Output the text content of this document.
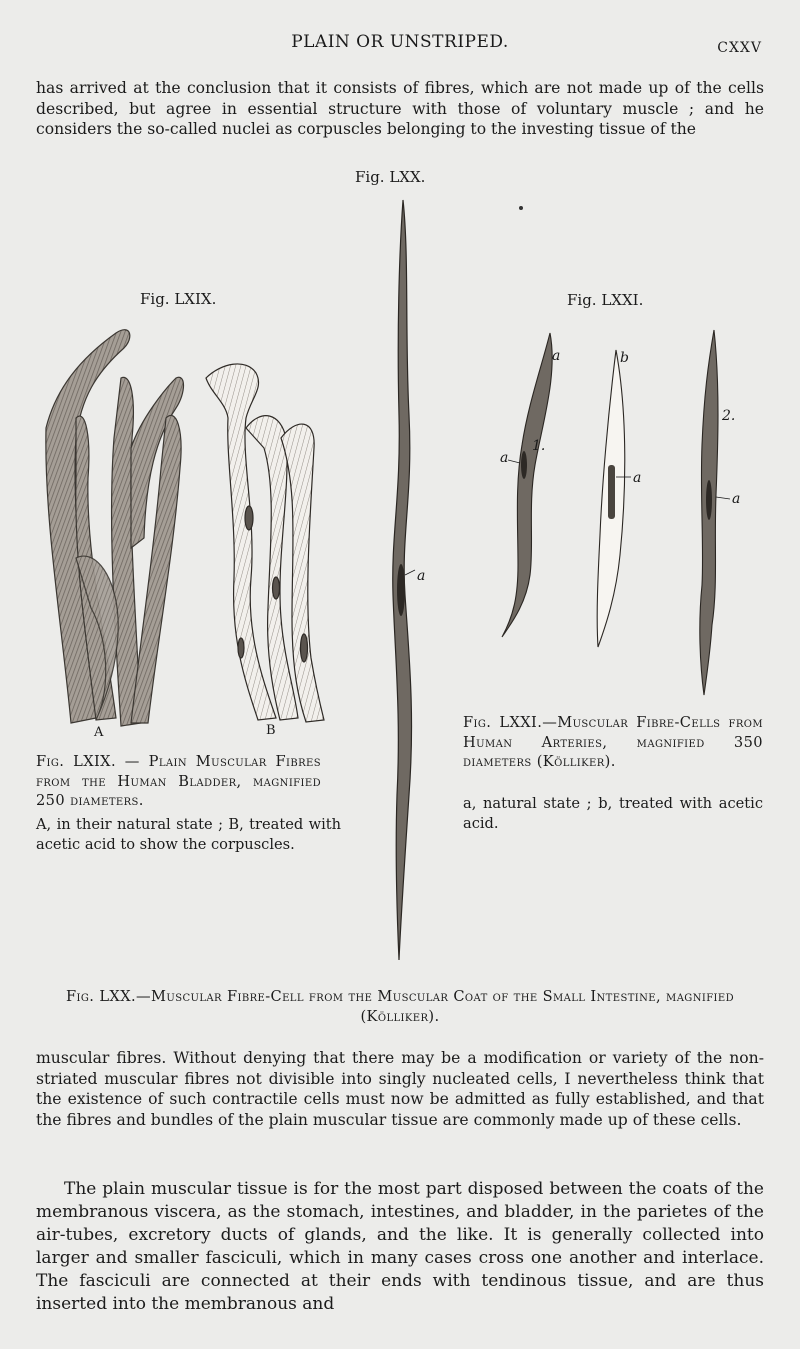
PLAIN OR UNSTRIPED.	CXXV

has arrived at the conclusion that it consists of fibres, which are not made up of the cells described, but agree in essential structure with those of voluntary muscle ; and he considers the so-called nuclei as corpuscles belonging to the investing tissue of the

Fig. LXX.
Fig. LXIX.	Fig. LXXI.
A	B
a
a
1.
a
b
a
2.
a

Fig. LXIX. — Plain Muscular Fibres from the Human Bladder, magnified 250 diameters.

A, in their natural state ; B, treated with acetic acid to show the corpuscles.

Fig. LXXI.—Muscular Fibre-Cells from Human Arteries, magnified 350 diameters (Kölliker).

a, natural state ; b, treated with acetic acid.

Fig. LXX.—Muscular Fibre-Cell from the Muscular Coat of the Small Intestine, magnified (Kölliker).

muscular fibres. Without denying that there may be a modification or variety of the non-striated muscular fibres not divisible into singly nucleated cells, I nevertheless think that the existence of such contractile cells must now be admitted as fully established, and that the fibres and bundles of the plain muscular tissue are commonly made up of these cells.

The plain muscular tissue is for the most part disposed between the coats of the membranous viscera, as the stomach, intestines, and bladder, in the parietes of the air-tubes, excretory ducts of glands, and the like. It is generally collected into larger and smaller fasciculi, which in many cases cross one another and interlace. The fasciculi are connected at their ends with tendinous tissue, and are thus inserted into the membranous and
